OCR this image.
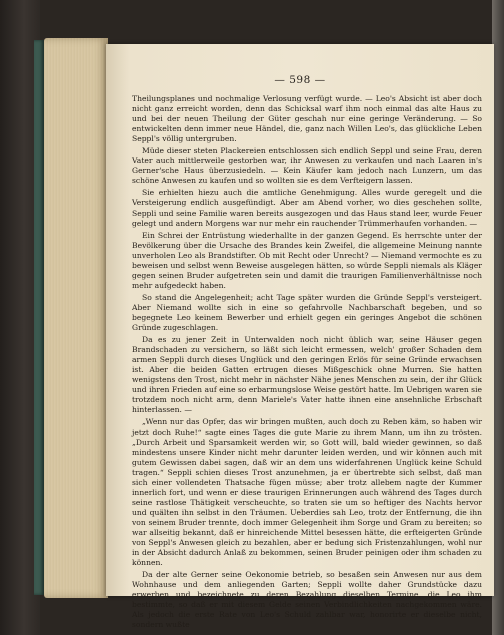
— 598 —

Theilungsplanes und nochmalige Verlosung verfügt wurde. — Leo's Absicht ist aber doch nicht ganz erreicht worden, denn das Schicksal warf ihm noch einmal das alte Haus zu und bei der neuen Theilung der Güter geschah nur eine geringe Veränderung. — So entwickelten denn immer neue Händel, die, ganz nach Willen Leo's, das glückliche Leben Seppl's völlig untergruben.

Müde dieser steten Plackereien entschlossen sich endlich Seppl und seine Frau, deren Vater auch mittlerweile gestorben war, ihr Anwesen zu verkaufen und nach Laaren in's Gerner'sche Haus überzusiedeln. — Kein Käufer kam jedoch nach Lunzern, um das schöne Anwesen zu kaufen und so wollten sie es dem Verfteigern lassen.

Sie erhielten hiezu auch die amtliche Genehmigung. Alles wurde geregelt und die Versteigerung endlich ausgefündigt. Aber am Abend vorher, wo dies geschehen sollte, Seppli und seine Familie waren bereits ausgezogen und das Haus stand leer, wurde Feuer gelegt und andern Morgens war nur mehr ein rauchender Trümmerhaufen vorhanden. —

Ein Schrei der Entrüstung wiederhallte in der ganzen Gegend. Es herrschte unter der Bevölkerung über die Ursache des Brandes kein Zweifel, die allgemeine Meinung nannte unverholen Leo als Brandstifter. Ob mit Recht oder Unrecht? — Niemand vermochte es zu beweisen und selbst wenn Beweise ausgelegen hätten, so würde Seppli niemals als Kläger gegen seinen Bruder aufgetreten sein und damit die traurigen Familienverhältnisse noch mehr aufgedeckt haben.

So stand die Angelegenheit; acht Tage später wurden die Gründe Seppl's versteigert. Aber Niemand wollte sich in eine so gefahrvolle Nachbarschaft begeben, und so begegnete Leo keinem Bewerber und erhielt gegen ein geringes Angebot die schönen Gründe zugeschlagen.

Da es zu jener Zeit in Unterwalden noch nicht üblich war, seine Häuser gegen Brandschaden zu versichern, so läßt sich leicht ermessen, welch' großer Schaden dem armen Seppli durch dieses Unglück und den geringen Erlös für seine Gründe erwachsen ist. Aber die beiden Gatten ertrugen dieses Mißgeschick ohne Murren. Sie hatten wenigstens den Trost, nicht mehr in nächster Nähe jenes Menschen zu sein, der ihr Glück und ihren Frieden auf eine so erbarmungslose Weise gestört hatte. Im Uebrigen waren sie trotzdem noch nicht arm, denn Mariele's Vater hatte ihnen eine ansehnliche Erbschaft hinterlassen. —

„Wenn nur das Opfer, das wir bringen mußten, auch doch zu Reben käm, so haben wir jetzt doch Ruhe!“ sagte eines Tages die gute Marie zu ihrem Mann, um ihn zu trösten. „Durch Arbeit und Sparsamkeit werden wir, so Gott will, bald wieder gewinnen, so daß mindestens unsere Kinder nicht mehr darunter leiden werden, und wir können auch mit gutem Gewissen dabei sagen, daß wir an dem uns widerfahrenen Unglück keine Schuld tragen.“ Seppli schien dieses Trost anzunehmen, ja er übertrebte sich selbst, daß man sich einer vollendeten Thatsache fügen müsse; aber trotz allebem nagte der Kummer innerlich fort, und wenn er diese traurigen Erinnerungen auch während des Tages durch seine rastlose Thätigkeit verscheuchte, so traten sie um so heftiger des Nachts hervor und quälten ihn selbst in den Träumen. Ueberdies sah Leo, trotz der Entfernung, die ihn von seinem Bruder trennte, doch immer Gelegenheit ihm Sorge und Gram zu bereiten; so war allseitig bekannt, daß er hinreichende Mittel besessen hätte, die erfteigerten Gründe von Seppl's Anwesen gleich zu bezahlen, aber er bedung sich Fristenzahlungen, wohl nur in der Absicht dadurch Anlaß zu bekommen, seinen Bruder peinigen oder ihm schaden zu können.

Da der alte Gerner seine Oekonomie betrieb, so besaßen sein Anwesen nur aus dem Wohnhause und dem anliegenden Garten; Seppli wollte daher Grundstücke dazu erwerben und bezeichnete zu deren Bezahlung dieselben Termine, die Leo ihm bestimmte, so daß er mit diesem Gelde seinen Verbindlichkeiten nachgekommen wäre. Als jedoch die erste Rate von Leo's Schuld zahlbar war, honorirte er dieselbe nicht, sondern wußte
